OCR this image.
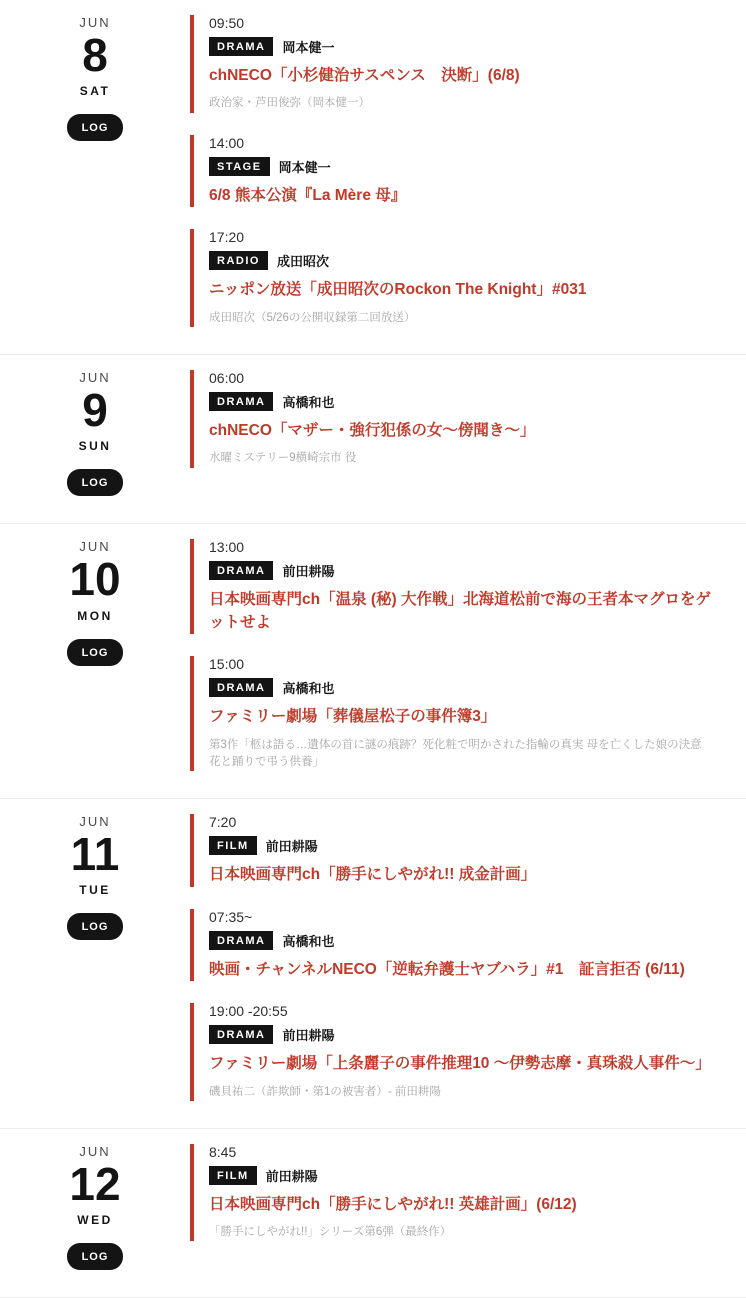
JUN
8
SAT
LOG
09:50
DRAMA	岡本健一
chNECO「小杉健治サスペンス　決断」(6/8)
政治家・芦田俊弥（岡本健一）
14:00
STAGE	岡本健一
6/8 熊本公演『La Mère 母』
17:20
RADIO	成田昭次
ニッポン放送「成田昭次のRockon The Knight」#031
成田昭次（5/26の公開収録第二回放送）
JUN
9
SUN
LOG
06:00
DRAMA	高橋和也
chNECO「マザー・強行犯係の女～傍聞き～」
水曜ミステリー9横崎宗市 役
JUN
10
MON
LOG
13:00
DRAMA	前田耕陽
日本映画専門ch「温泉 (秘) 大作戦」北海道松前で海の王者本マグロをゲットせよ
15:00
DRAMA	高橋和也
ファミリー劇場「葬儀屋松子の事件簿3」
第3作「柩は語る…遺体の首に謎の痕跡？死化粧で明かされた指輪の真実 母を亡くした娘の決意 花と踊りで弔う供養」
JUN
11
TUE
LOG
7:20
FILM	前田耕陽
日本映画専門ch「勝手にしやがれ!! 成金計画」
07:35~
DRAMA	高橋和也
映画・チャンネルNECO「逆転弁護士ヤブハラ」#1　証言拒否 (6/11)
19:00 -20:55
DRAMA	前田耕陽
ファミリー劇場「上条麗子の事件推理10 ～伊勢志摩・真珠殺人事件～」
磯貝祐二（詐欺師・第1の被害者）- 前田耕陽
JUN
12
WED
LOG
8:45
FILM	前田耕陽
日本映画専門ch「勝手にしやがれ!! 英雄計画」(6/12)
「勝手にしやがれ!!」シリーズ第6弾（最終作）
